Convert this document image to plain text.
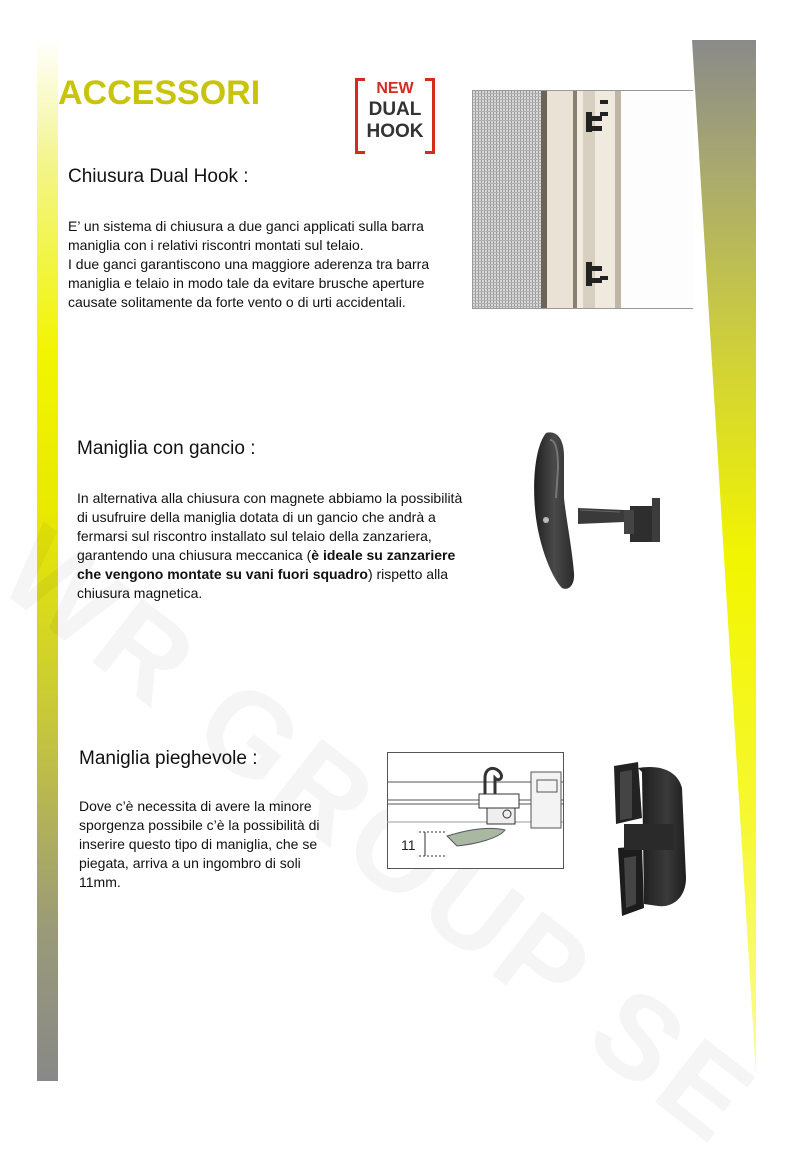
ACCESSORI	NEW
DUAL
HOOK
Chiusura Dual Hook :

E’ un sistema di chiusura a due ganci applicati sulla barra

maniglia con i relativi riscontri montati sul telaio.

I due ganci garantiscono una maggiore aderenza tra barra

maniglia e telaio in modo tale da evitare brusche aperture

causate solitamente da forte vento o di urti accidentali.

Maniglia con gancio :

In alternativa alla chiusura con magnete abbiamo la possibilità

di usufruire della maniglia dotata di un gancio che andrà a

fermarsi sul riscontro installato sul telaio della zanzariera,

garantendo una chiusura meccanica (è ideale su zanzariere

che vengono montate su vani fuori squadro) rispetto alla

chiusura magnetica.

Maniglia pieghevole :

Dove c’è necessita di avere la minore

sporgenza possibile c’è la possibilità di

inserire questo tipo di maniglia, che se

piegata, arriva a un ingombro di soli

11mm.

11
